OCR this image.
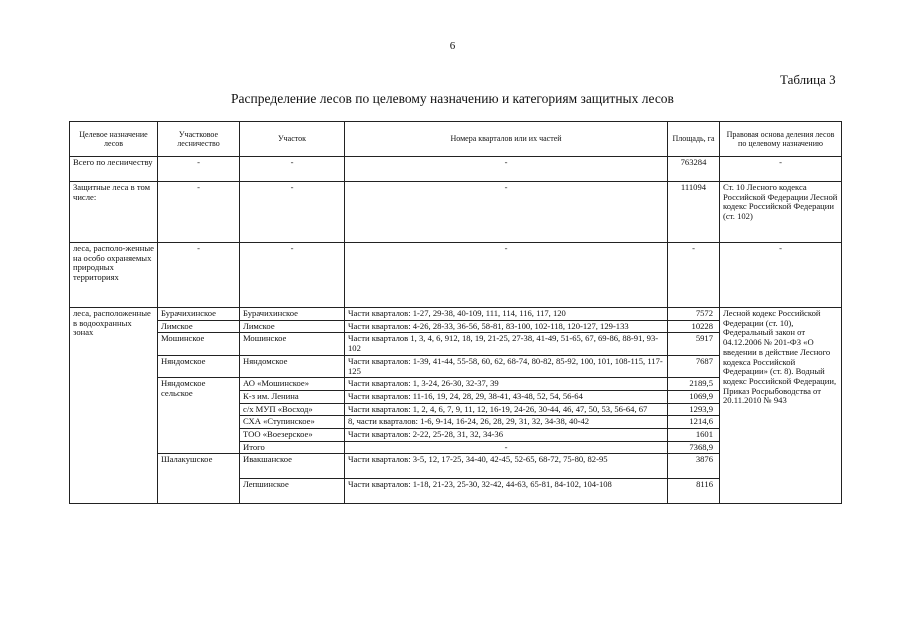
6
Таблица 3
Распределение лесов по целевому назначению и категориям защитных лесов
Целевое назначение лесов	Участковое лесничество	Участок	Номера кварталов или их частей	Площадь, га	Правовая основа деления лесов по целевому назначению
Всего по лесничеству	-	-	-	763284	-
Защитные леса в том числе:	-	-	-	111094	Ст. 10 Лесного кодекса Российской Федерации Лесной кодекс Российской Федерации (ст. 102)
леса, располо-женные на особо охраняемых природных территориях	-	-	-	-	-
леса, расположенные в водоохранных зонах	Бурачихинское	Бурачихинское	Части кварталов: 1-27, 29-38, 40-109, 111, 114, 116, 117, 120	7572	Лесной кодекс Российской Федерации (ст. 10), Федеральный закон от 04.12.2006 № 201-ФЗ «О введении в действие Лесного кодекса Российской Федерации» (ст. 8). Водный кодекс Российской Федерации, Приказ Росрыбоводства от 20.11.2010 № 943
	Лимское	Лимское	Части кварталов: 4-26, 28-33, 36-56, 58-81, 83-100, 102-118, 120-127, 129-133	10228	
	Мошинское	Мошинское	Части кварталов 1, 3, 4, 6, 912, 18, 19, 21-25, 27-38, 41-49, 51-65, 67, 69-86, 88-91, 93-102	5917	
	Няндомское	Няндомское	Части кварталов: 1-39, 41-44, 55-58, 60, 62, 68-74, 80-82, 85-92, 100, 101, 108-115, 117-125	7687	
	Няндомское сельское	АО «Мошинское»	Части кварталов: 1, 3-24, 26-30, 32-37, 39	2189,5	
		К-з им. Ленина	Части кварталов: 11-16, 19, 24, 28, 29, 38-41, 43-48, 52, 54, 56-64	1069,9	
		с/х МУП «Восход»	Части кварталов: 1, 2, 4, 6, 7, 9, 11, 12, 16-19, 24-26, 30-44, 46, 47, 50, 53, 56-64, 67	1293,9	
		СХА «Ступинское»	8, части кварталов: 1-6, 9-14, 16-24, 26, 28, 29, 31, 32, 34-38, 40-42	1214,6	
		ТОО «Воезерское»	Части кварталов: 2-22, 25-28, 31, 32, 34-36	1601	
		Итого	-	7368,9	
	Шалакушское	Ивакшанское	Части кварталов: 3-5, 12, 17-25, 34-40, 42-45, 52-65, 68-72, 75-80, 82-95	3876	
		Лепшинское	Части кварталов: 1-18, 21-23, 25-30, 32-42, 44-63, 65-81, 84-102, 104-108	8116	
